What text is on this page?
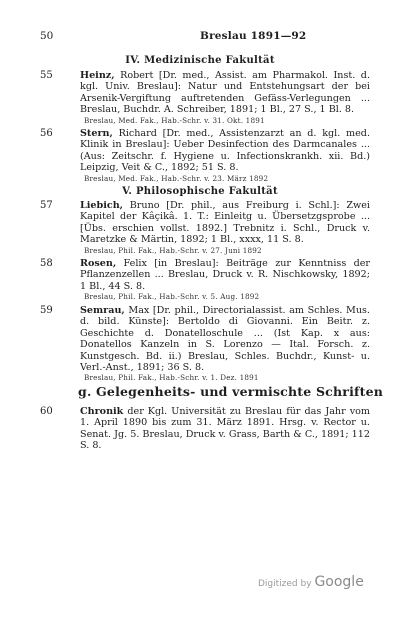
50	Breslau 1891—92
IV. Medizinische Fakultät
55	Heinz, Robert [Dr. med., Assist. am Pharmakol. Inst. d. kgl. Univ. Breslau]: Natur und Entstehungsart der bei Arsenik-Vergiftung auftretenden Gefäss-Verlegungen ... Breslau, Buchdr. A. Schreiber, 1891; 1 Bl., 27 S., 1 Bl. 8.
Breslau, Med. Fak., Hab.-Schr. v. 31. Okt. 1891
56	Stern, Richard [Dr. med., Assistenzarzt an d. kgl. med. Klinik in Breslau]: Ueber Desinfection des Darmcanales ... (Aus: Zeitschr. f. Hygiene u. Infectionskrankh. xii. Bd.) Leipzig, Veit & C., 1892; 51 S. 8.
Breslau, Med. Fak., Hab.-Schr. v. 23. März 1892
V. Philosophische Fakultät
57	Liebich, Bruno [Dr. phil., aus Freiburg i. Schl.]: Zwei Kapitel der Kâçikâ. 1. T.: Einleitg u. Übersetzgsprobe ... [Übs. erschien vollst. 1892.] Trebnitz i. Schl., Druck v. Maretzke & Märtin, 1892; 1 Bl., xxxx, 11 S. 8.
Breslau, Phil. Fak., Hab.-Schr. v. 27. Juni 1892
58	Rosen, Felix [in Breslau]: Beiträge zur Kenntniss der Pflanzenzellen ... Breslau, Druck v. R. Nischkowsky, 1892; 1 Bl., 44 S. 8.
Breslau, Phil. Fak., Hab.-Schr. v. 5. Aug. 1892
59	Semrau, Max [Dr. phil., Directorialassist. am Schles. Mus. d. bild. Künste]: Bertoldo di Giovanni. Ein Beitr. z. Geschichte d. Donatelloschule ... (Ist Kap. x aus: Donatellos Kanzeln in S. Lorenzo — Ital. Forsch. z. Kunstgesch. Bd. ii.) Breslau, Schles. Buchdr., Kunst- u. Verl.-Anst., 1891; 36 S. 8.
Breslau, Phil. Fak., Hab.-Schr. v. 1. Dez. 1891
g. Gelegenheits- und vermischte Schriften
60	Chronik der Kgl. Universität zu Breslau für das Jahr vom 1. April 1890 bis zum 31. März 1891. Hrsg. v. Rector u. Senat. Jg. 5. Breslau, Druck v. Grass, Barth & C., 1891; 112 S. 8.
Digitized by Google
